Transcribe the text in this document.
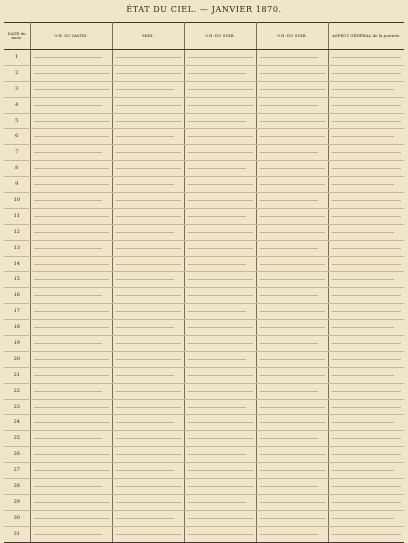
ÉTAT DU CIEL. — JANVIER 1870.
DATE du mois.	9 H. DU MATIN.	MIDI.	3 H. DU SOIR.	9 H. DU SOIR.	ASPECT GÉNÉRAL de la journée.
1	

2	

3	

4	

5	

6	

7	

8	

9	

10	

11	

12	

13	

14	

15	

16	

17	

18	

19	

20	

21	

22	

23	

24	

25	

26	

27	

28	

29	

30	

31	
